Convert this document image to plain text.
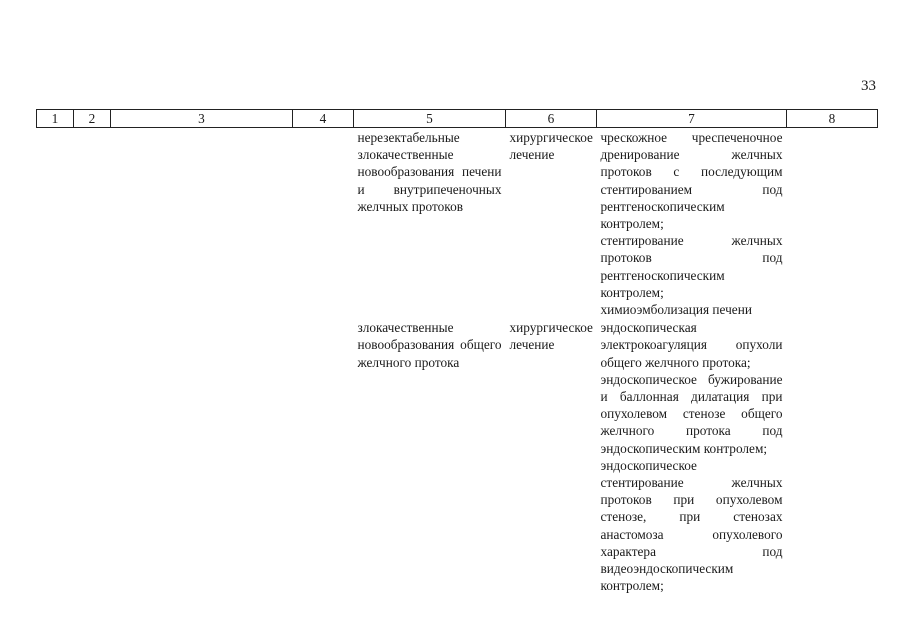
33
1	2	3	4	5	6	7	8
				нерезектабельные злокачественные новообразования печени и внутрипеченочных желчных протоков	хирургическое лечение	чрескожное чреспеченочное дренирование желчных протоков с последующим стентированием под рентгеноскопическим контролем;
стентирование желчных протоков под рентгеноскопическим контролем;
химиоэмболизация печени	

				злокачественные новообразования общего желчного протока	хирургическое лечение	эндоскопическая электрокоагуляция опухоли общего желчного протока;
эндоскопическое бужирование и баллонная дилатация при опухолевом стенозе общего желчного протока под эндоскопическим контролем;
эндоскопическое стентирование желчных протоков при опухолевом стенозе, при стенозах анастомоза опухолевого характера под видеоэндоскопическим контролем;	
